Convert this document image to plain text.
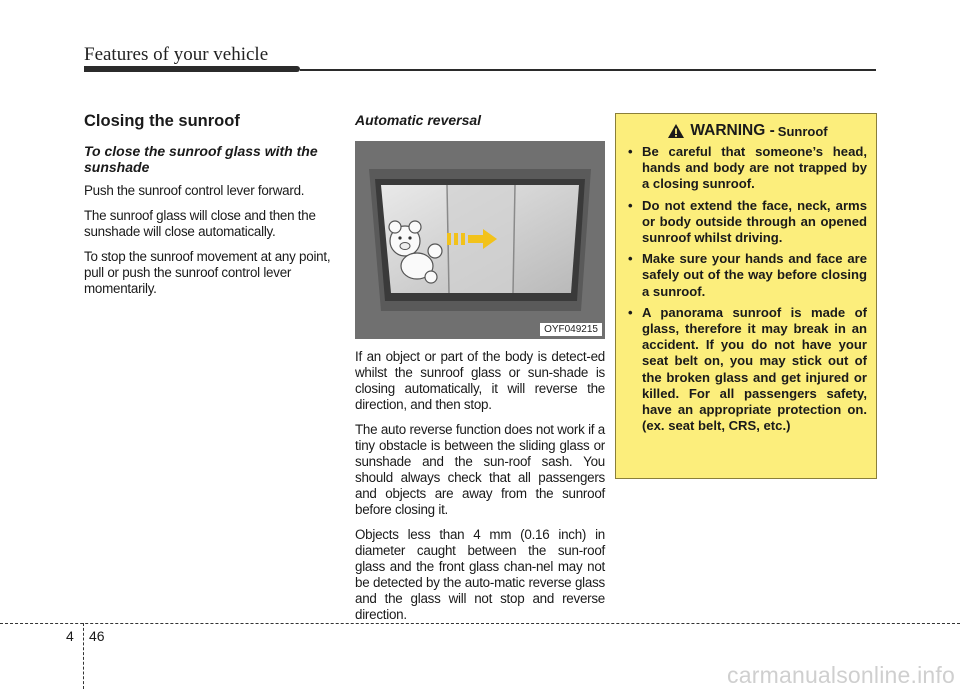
Features of your vehicle
Closing the sunroof
To close the sunroof glass with the sunshade

Push the sunroof control lever forward.

The sunroof glass will close and then the sunshade will close automatically.

To stop the sunroof movement at any point, pull or push the sunroof control lever momentarily.

Automatic reversal
OYF049215

If an object or part of the body is detect-ed whilst the sunroof glass or sun-shade is closing automatically, it will reverse the direction, and then stop.

The auto reverse function does not work if a tiny obstacle is between the sliding glass or sunshade and the sun-roof sash. You should always check that all passengers and objects are away from the sunroof before closing it.

Objects less than 4 mm (0.16 inch) in diameter caught between the sun-roof glass and the front glass chan-nel may not be detected by the auto-matic reverse glass and the glass will not stop and reverse direction.

WARNING - Sunroof
• Be careful that someone’s head, hands and body are not trapped by a closing sunroof.
• Do not extend the face, neck, arms or body outside through an opened sunroof whilst driving.
• Make sure your hands and face are safely out of the way before closing a sunroof.
• A panorama sunroof is made of glass, therefore it may break in an accident. If you do not have your seat belt on, you may stick out of the broken glass and get injured or killed. For all passengers safety, have an appropriate protection on. (ex. seat belt, CRS, etc.)
4 46
carmanualsonline.info
